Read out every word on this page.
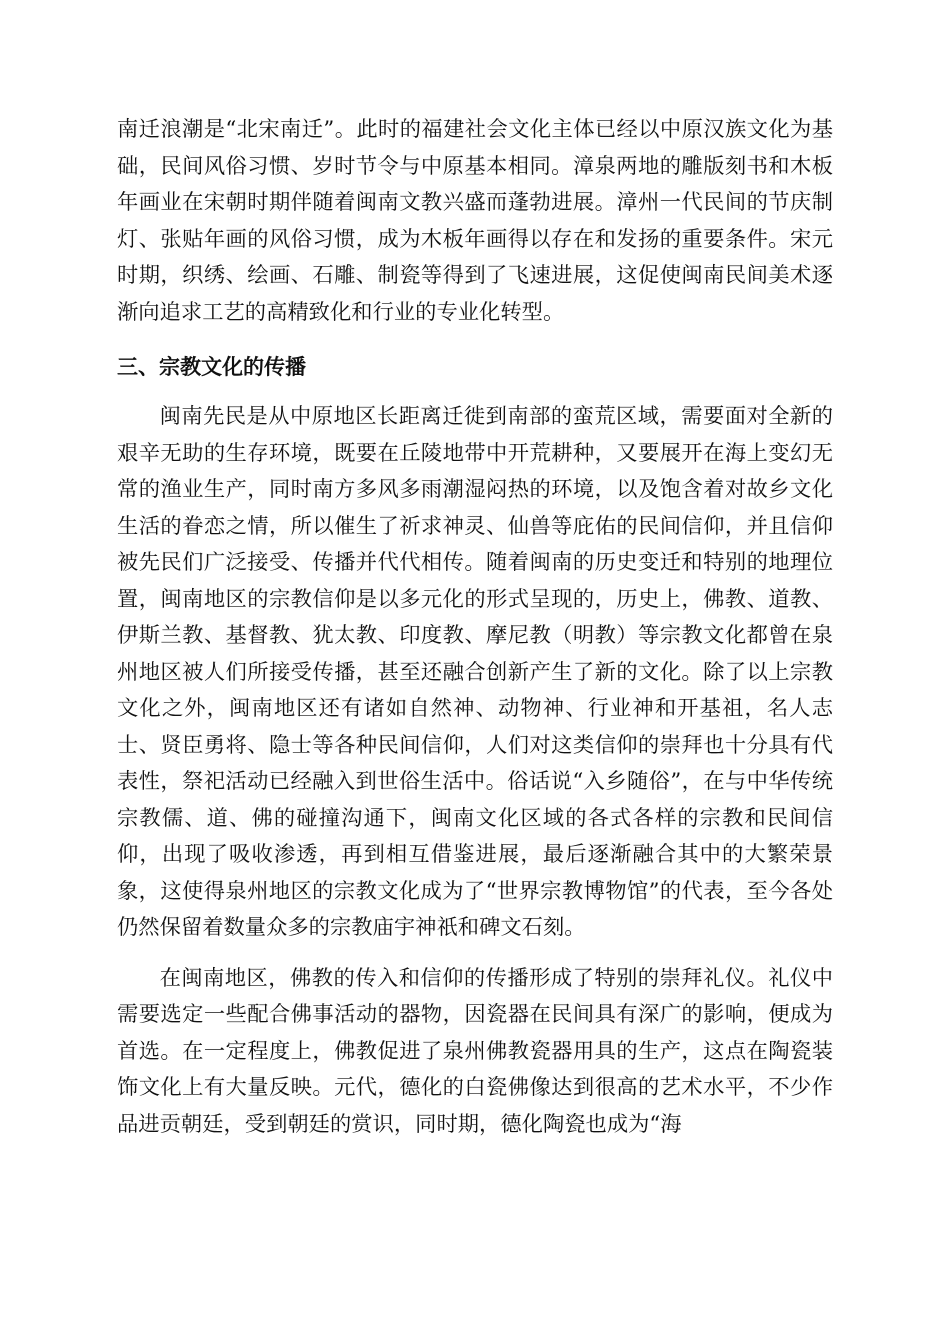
南迁浪潮是“北宋南迁”。此时的福建社会文化主体已经以中原汉族文化为基础，民间风俗习惯、岁时节令与中原基本相同。漳泉两地的雕版刻书和木板年画业在宋朝时期伴随着闽南文教兴盛而蓬勃进展。漳州一代民间的节庆制灯、张贴年画的风俗习惯，成为木板年画得以存在和发扬的重要条件。宋元时期，织绣、绘画、石雕、制瓷等得到了飞速进展，这促使闽南民间美术逐渐向追求工艺的高精致化和行业的专业化转型。

三、宗教文化的传播

闽南先民是从中原地区长距离迁徙到南部的蛮荒区域，需要面对全新的艰辛无助的生存环境，既要在丘陵地带中开荒耕种，又要展开在海上变幻无常的渔业生产，同时南方多风多雨潮湿闷热的环境，以及饱含着对故乡文化生活的眷恋之情，所以催生了祈求神灵、仙兽等庇佑的民间信仰，并且信仰被先民们广泛接受、传播并代代相传。随着闽南的历史变迁和特别的地理位置，闽南地区的宗教信仰是以多元化的形式呈现的，历史上，佛教、道教、伊斯兰教、基督教、犹太教、印度教、摩尼教（明教）等宗教文化都曾在泉州地区被人们所接受传播，甚至还融合创新产生了新的文化。除了以上宗教文化之外，闽南地区还有诸如自然神、动物神、行业神和开基祖，名人志士、贤臣勇将、隐士等各种民间信仰，人们对这类信仰的崇拜也十分具有代表性，祭祀活动已经融入到世俗生活中。俗话说“入乡随俗”，在与中华传统宗教儒、道、佛的碰撞沟通下，闽南文化区域的各式各样的宗教和民间信仰，出现了吸收渗透，再到相互借鉴进展，最后逐渐融合其中的大繁荣景象，这使得泉州地区的宗教文化成为了“世界宗教博物馆”的代表，至今各处仍然保留着数量众多的宗教庙宇神祇和碑文石刻。

在闽南地区，佛教的传入和信仰的传播形成了特别的崇拜礼仪。礼仪中需要选定一些配合佛事活动的器物，因瓷器在民间具有深广的影响，便成为首选。在一定程度上，佛教促进了泉州佛教瓷器用具的生产，这点在陶瓷装饰文化上有大量反映。元代，德化的白瓷佛像达到很高的艺术水平，不少作品进贡朝廷，受到朝廷的赏识，同时期，德化陶瓷也成为“海
